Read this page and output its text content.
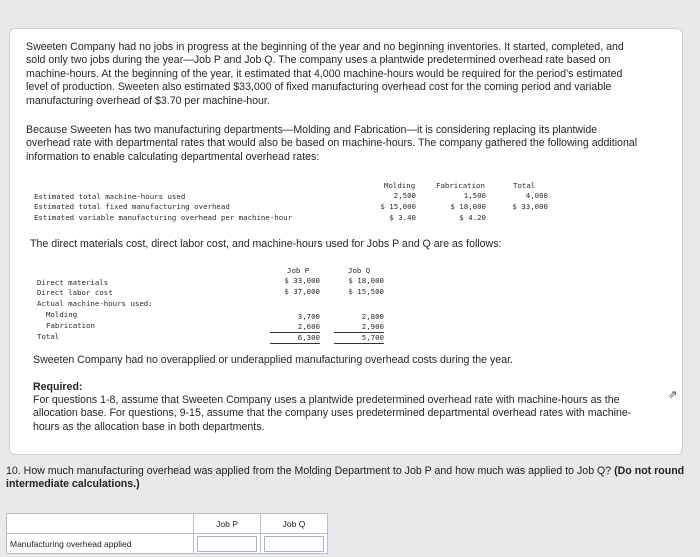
Sweeten Company had no jobs in progress at the beginning of the year and no beginning inventories. It started, completed, and sold only two jobs during the year—Job P and Job Q. The company uses a plantwide predetermined overhead rate based on machine-hours. At the beginning of the year, it estimated that 4,000 machine-hours would be required for the period’s estimated level of production. Sweeten also estimated $33,000 of fixed manufacturing overhead cost for the coming period and variable manufacturing overhead of $3.70 per machine-hour.

Because Sweeten has two manufacturing departments—Molding and Fabrication—it is considering replacing its plantwide overhead rate with departmental rates that would also be based on machine-hours. The company gathered the following additional information to enable calculating departmental overhead rates:

Molding	Fabrication	Total
Estimated total machine-hours used	2,500	1,500	4,000
Estimated total fixed manufacturing overhead	$ 15,000	$ 18,000	$ 33,000
Estimated variable manufacturing overhead per machine-hour	$ 3.40	$ 4.20

The direct materials cost, direct labor cost, and machine-hours used for Jobs P and Q are as follows:

Job P	Job Q
Direct materials	$ 33,000	$ 18,000
Direct labor cost	$ 37,000	$ 15,500
Actual machine-hours used:
Molding	3,700	2,800
Fabrication	2,600	2,900
Total	6,300	5,700

Sweeten Company had no overapplied or underapplied manufacturing overhead costs during the year.

Required:

For questions 1-8, assume that Sweeten Company uses a plantwide predetermined overhead rate with machine-hours as the allocation base. For questions, 9-15, assume that the company uses predetermined departmental overhead rates with machine-hours as the allocation base in both departments.

⇗
10. How much manufacturing overhead was applied from the Molding Department to Job P and how much was applied to Job Q? (Do not round intermediate calculations.)
	Job P	Job Q
Manufacturing overhead applied	
